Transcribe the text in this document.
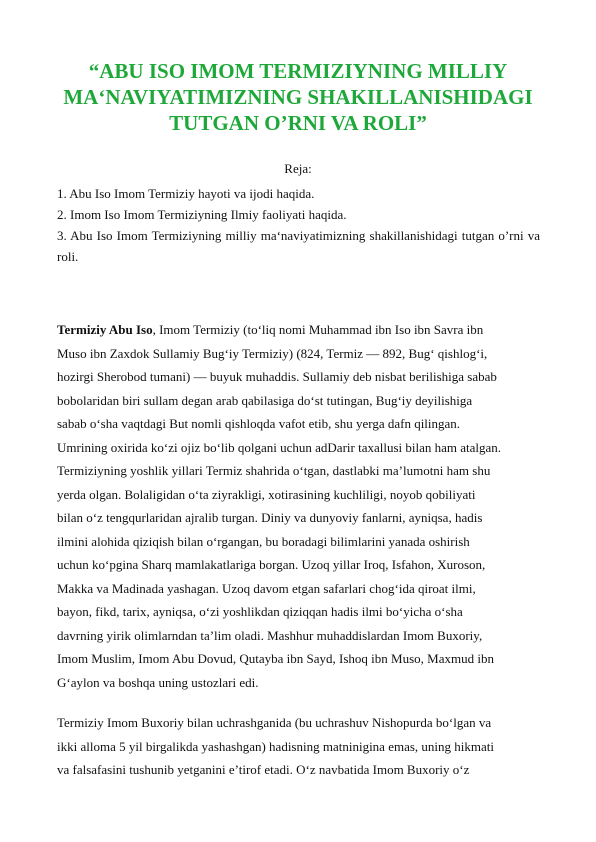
“ABU ISO IMOM TERMIZIYNING MILLIY
MA‘NAVIYATIMIZNING SHAKILLANISHIDAGI
TUTGAN O’RNI VA ROLI”
Reja:
1. Abu Iso Imom Termiziy hayoti va ijodi haqida.
2. Imom Iso Imom Termiziyning Ilmiy faoliyati haqida.
3. Abu Iso Imom Termiziyning milliy ma‘naviyatimizning shakillanishidagi tutgan o’rni va roli.
Termiziy Abu Iso, Imom Termiziy (to‘liq nomi Muhammad ibn Iso ibn Savra ibn
Muso ibn Zaxdok Sullamiy Bug‘iy Termiziy) (824, Termiz — 892, Bug‘ qishlog‘i,
hozirgi Sherobod tumani) — buyuk muhaddis. Sullamiy deb nisbat berilishiga sabab
bobolaridan biri sullam degan arab qabilasiga do‘st tutingan, Bug‘iy deyilishiga
sabab o‘sha vaqtdagi But nomli qishloqda vafot etib, shu yerga dafn qilingan.
Umrining oxirida ko‘zi ojiz bo‘lib qolgani uchun adDarir taxallusi bilan ham atalgan.
Termiziyning yoshlik yillari Termiz shahrida o‘tgan, dastlabki ma’lumotni ham shu
yerda olgan. Bolaligidan o‘ta ziyrakligi, xotirasining kuchliligi, noyob qobiliyati
bilan o‘z tengqurlaridan ajralib turgan. Diniy va dunyoviy fanlarni, ayniqsa, hadis
ilmini alohida qiziqish bilan o‘rgangan, bu boradagi bilimlarini yanada oshirish
uchun ko‘pgina Sharq mamlakatlariga borgan. Uzoq yillar Iroq, Isfahon, Xuroson,
Makka va Madinada yashagan. Uzoq davom etgan safarlari chog‘ida qiroat ilmi,
bayon, fikd, tarix, ayniqsa, o‘zi yoshlikdan qiziqqan hadis ilmi bo‘yicha o‘sha
davrning yirik olimlarndan ta’lim oladi. Mashhur muhaddislardan Imom Buxoriy,
Imom Muslim, Imom Abu Dovud, Qutayba ibn Sayd, Ishoq ibn Muso, Maxmud ibn
G‘aylon va boshqa uning ustozlari edi.
Termiziy Imom Buxoriy bilan uchrashganida (bu uchrashuv Nishopurda bo‘lgan va
ikki alloma 5 yil birgalikda yashashgan) hadisning matninigina emas, uning hikmati
va falsafasini tushunib yetganini e’tirof etadi. O‘z navbatida Imom Buxoriy o‘z
